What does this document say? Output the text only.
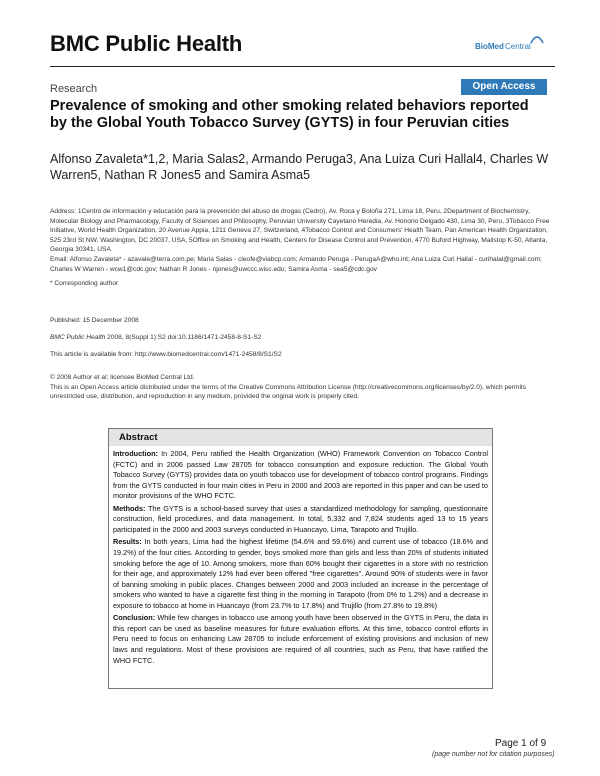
BMC Public Health	BioMed Central
Research	Open Access
Prevalence of smoking and other smoking related behaviors reported by the Global Youth Tobacco Survey (GYTS) in four Peruvian cities
Alfonso Zavaleta*1,2, Maria Salas2, Armando Peruga3, Ana Luiza Curi Hallal4, Charles W Warren5, Nathan R Jones5 and Samira Asma5
Address: 1Centro de información y educación para la prevención del abuso de drogas (Cedro), Av. Roca y Boloña 271, Lima 18, Peru, 2Department of Biochemistry, Molecular Biology and Pharmacology, Faculty of Sciences and Philosophy, Peruvian University Cayetano Heredia, Av. Honorio Delgado 430, Lima 30, Peru, 3Tobacco Free Initiative, World Health Organization, 20 Avenue Appia, 1211 Geneva 27, Switzerland, 4Tobacco Control and Consumers' Health Team, Pan American Health Organization, 525 23rd St NW, Washington, DC 20037, USA, 5Office on Smoking and Health, Centers for Disease Control and Prevention, 4770 Buford Highway, Mailstop K-50, Atlanta, Georgia 30341, USA
Email: Alfonso Zavaleta* - azavale@terra.com.pe; Maria Salas - cleofe@viabcp.com; Armando Peruga - PerugaA@who.int; Ana Luiza Curi Hallal - curihalal@gmail.com; Charles W Warren - wcw1@cdc.gov; Nathan R Jones - njones@uwccc.wisc.edu; Samira Asma - sea5@cdc.gov
* Corresponding author
Published: 15 December 2008
BMC Public Health 2008, 8(Suppl 1):S2 doi:10.1186/1471-2458-8-S1-S2
This article is available from: http://www.biomedcentral.com/1471-2458/8/S1/S2
© 2008 Author et al; licensee BioMed Central Ltd.
This is an Open Access article distributed under the terms of the Creative Commons Attribution License (http://creativecommons.org/licenses/by/2.0), which permits unrestricted use, distribution, and reproduction in any medium, provided the original work is properly cited.
Abstract

Introduction: In 2004, Peru ratified the Health Organization (WHO) Framework Convention on Tobacco Control (FCTC) and in 2006 passed Law 28705 for tobacco consumption and exposure reduction. The Global Youth Tobacco Survey (GYTS) provides data on youth tobacco use for development of tobacco control programs. Findings from the GYTS conducted in four main cities in Peru in 2000 and 2003 are reported in this paper and can be used to monitor provisions of the WHO FCTC.

Methods: The GYTS is a school-based survey that uses a standardized methodology for sampling, questionnaire construction, field procedures, and data management. In total, 5,332 and 7,824 students aged 13 to 15 years participated in the 2000 and 2003 surveys conducted in Huancayo, Lima, Tarapoto and Trujillo.

Results: In both years, Lima had the highest lifetime (54.6% and 59.6%) and current use of tobacco (18.6% and 19.2%) of the four cities. According to gender, boys smoked more than girls and less than 20% of students initiated smoking before the age of 10. Among smokers, more than 60% bought their cigarettes in a store with no restriction for their age, and approximately 12% had ever been offered "free cigarettes". Around 90% of students were in favor of banning smoking in public places. Changes between 2000 and 2003 included an increase in the percentage of smokers who wanted to have a cigarette first thing in the morning in Tarapoto (from 0% to 1.2%) and a decrease in exposure to tobacco at home in Huancayo (from 23.7% to 17.8%) and Trujillo (from 27.8% to 19.8%)

Conclusion: While few changes in tobacco use among youth have been observed in the GYTS in Peru, the data in this report can be used as baseline measures for future evaluation efforts. At this time, tobacco control efforts in Peru need to focus on enhancing Law 28705 to include enforcement of existing provisions and inclusion of new laws and regulations. Most of these provisions are required of all countries, such as Peru, that have ratified the WHO FCTC.

Page 1 of 9
(page number not for citation purposes)
